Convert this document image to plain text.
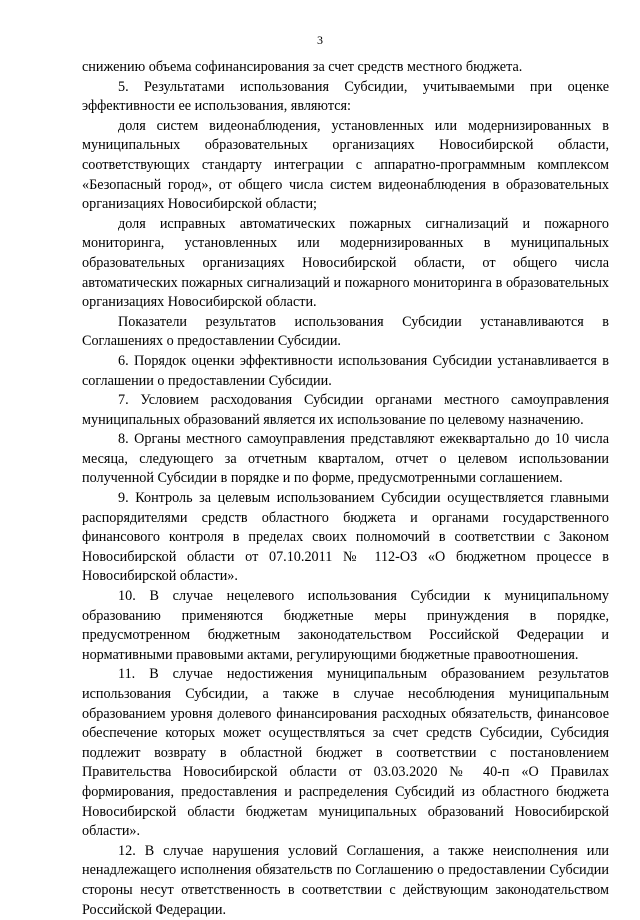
3

снижению объема софинансирования за счет средств местного бюджета.

5. Результатами использования Субсидии, учитываемыми при оценке эффективности ее использования, являются:

доля систем видеонаблюдения, установленных или модернизированных в муниципальных образовательных организациях Новосибирской области, соответствующих стандарту интеграции с аппаратно-программным комплексом «Безопасный город», от общего числа систем видеонаблюдения в образовательных организациях Новосибирской области;

доля исправных автоматических пожарных сигнализаций и пожарного мониторинга, установленных или модернизированных в муниципальных образовательных организациях Новосибирской области, от общего числа автоматических пожарных сигнализаций и пожарного мониторинга в образовательных организациях Новосибирской области.

Показатели результатов использования Субсидии устанавливаются в Соглашениях о предоставлении Субсидии.

6. Порядок оценки эффективности использования Субсидии устанавливается в соглашении о предоставлении Субсидии.

7. Условием расходования Субсидии органами местного самоуправления муниципальных образований является их использование по целевому назначению.

8. Органы местного самоуправления представляют ежеквартально до 10 числа месяца, следующего за отчетным кварталом, отчет о целевом использовании полученной Субсидии в порядке и по форме, предусмотренными соглашением.

9. Контроль за целевым использованием Субсидии осуществляется главными распорядителями средств областного бюджета и органами государственного финансового контроля в пределах своих полномочий в соответствии с Законом Новосибирской области от 07.10.2011 № 112-ОЗ «О бюджетном процессе в Новосибирской области».

10. В случае нецелевого использования Субсидии к муниципальному образованию применяются бюджетные меры принуждения в порядке, предусмотренном бюджетным законодательством Российской Федерации и нормативными правовыми актами, регулирующими бюджетные правоотношения.

11. В случае недостижения муниципальным образованием результатов использования Субсидии, а также в случае несоблюдения муниципальным образованием уровня долевого финансирования расходных обязательств, финансовое обеспечение которых может осуществляться за счет средств Субсидии, Субсидия подлежит возврату в областной бюджет в соответствии с постановлением Правительства Новосибирской области от 03.03.2020 № 40-п «О Правилах формирования, предоставления и распределения Субсидий из областного бюджета Новосибирской области бюджетам муниципальных образований Новосибирской области».

12. В случае нарушения условий Соглашения, а также неисполнения или ненадлежащего исполнения обязательств по Соглашению о предоставлении Субсидии стороны несут ответственность в соответствии с действующим законодательством Российской Федерации.
